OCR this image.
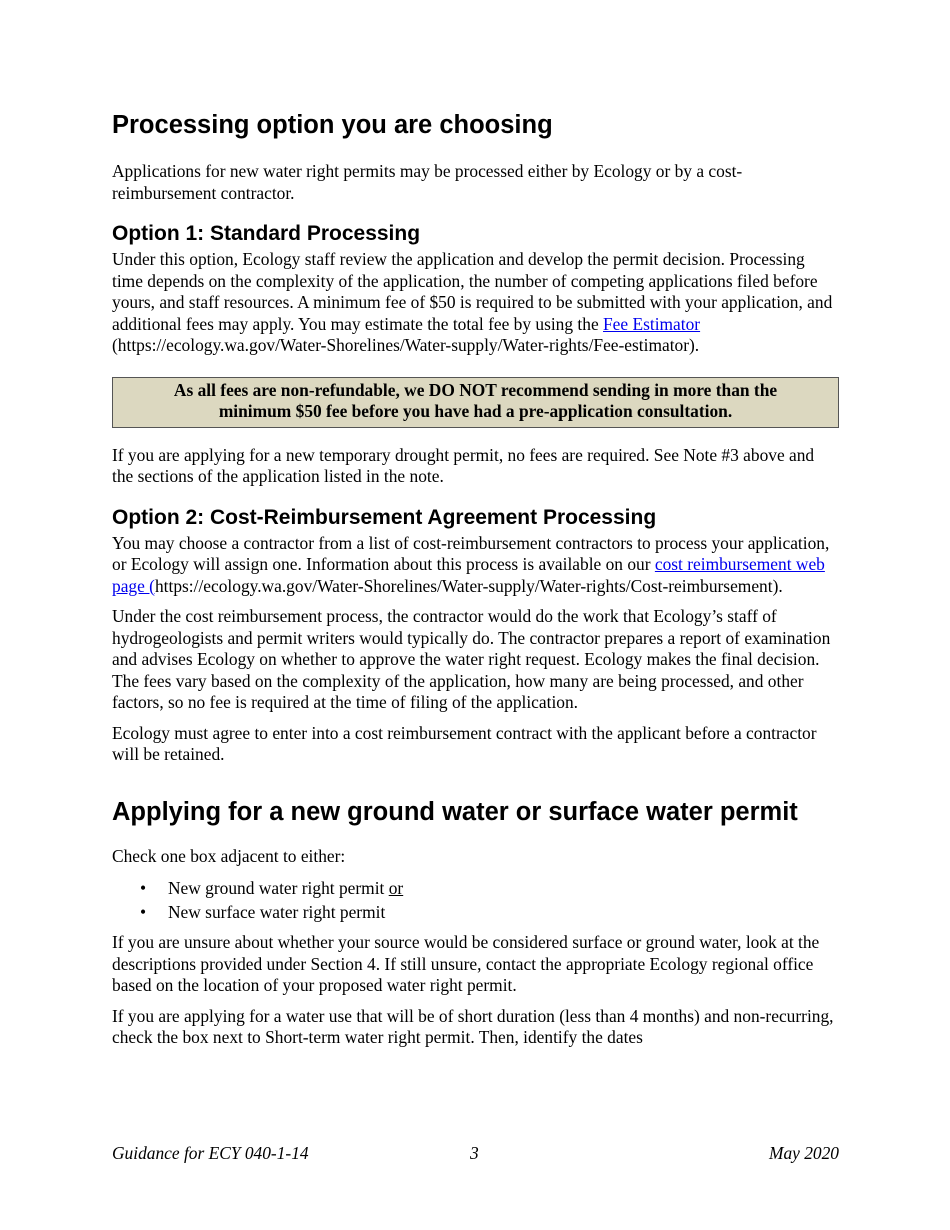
Processing option you are choosing

Applications for new water right permits may be processed either by Ecology or by a cost-reimbursement contractor.

Option 1: Standard Processing

Under this option, Ecology staff review the application and develop the permit decision. Processing time depends on the complexity of the application, the number of competing applications filed before yours, and staff resources. A minimum fee of $50 is required to be submitted with your application, and additional fees may apply. You may estimate the total fee by using the Fee Estimator (https://ecology.wa.gov/Water-Shorelines/Water-supply/Water-rights/Fee-estimator).

As all fees are non-refundable, we DO NOT recommend sending in more than the minimum $50 fee before you have had a pre-application consultation.

If you are applying for a new temporary drought permit, no fees are required. See Note #3 above and the sections of the application listed in the note.

Option 2: Cost-Reimbursement Agreement Processing

You may choose a contractor from a list of cost-reimbursement contractors to process your application, or Ecology will assign one. Information about this process is available on our cost reimbursement web page (https://ecology.wa.gov/Water-Shorelines/Water-supply/Water-rights/Cost-reimbursement).

Under the cost reimbursement process, the contractor would do the work that Ecology’s staff of hydrogeologists and permit writers would typically do. The contractor prepares a report of examination and advises Ecology on whether to approve the water right request. Ecology makes the final decision. The fees vary based on the complexity of the application, how many are being processed, and other factors, so no fee is required at the time of filing of the application.

Ecology must agree to enter into a cost reimbursement contract with the applicant before a contractor will be retained.

Applying for a new ground water or surface water permit

Check one box adjacent to either:

• New ground water right permit or
• New surface water right permit

If you are unsure about whether your source would be considered surface or ground water, look at the descriptions provided under Section 4. If still unsure, contact the appropriate Ecology regional office based on the location of your proposed water right permit.

If you are applying for a water use that will be of short duration (less than 4 months) and non-recurring, check the box next to Short-term water right permit. Then, identify the dates

Guidance for ECY 040-1-14	3	May 2020
